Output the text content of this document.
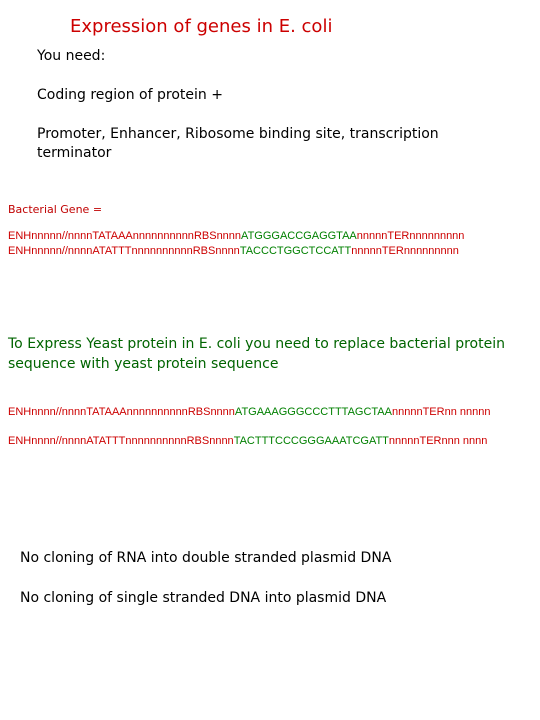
Expression of genes in E. coli
You need:
Coding region of protein +
Promoter, Enhancer, Ribosome binding site, transcription terminator
Bacterial Gene =
ENHnnnnn//nnnnTATAAAnnnnnnnnnnRBSnnnnATGGGACCGAGGTAAnnnnnTERnnnnnnnnn
ENHnnnnn//nnnnATATTTnnnnnnnnnnRBSnnnnTACCCTGGCTCCATTnnnnnTERnnnnnnnnn
To Express Yeast protein in E. coli you need to replace bacterial protein sequence with yeast protein sequence
ENHnnnn//nnnnTATAAAnnnnnnnnnnRBSnnnnATGAAAGGGCCCTTTAGCTAAnnnnnTERnn nnnnn
ENHnnnn//nnnnATATTTnnnnnnnnnnRBSnnnnTACTTTCCCGGGAAATCGATTnnnnnTERnnn nnnn
No cloning of RNA into double stranded plasmid DNA
No cloning of single stranded DNA into plasmid DNA
